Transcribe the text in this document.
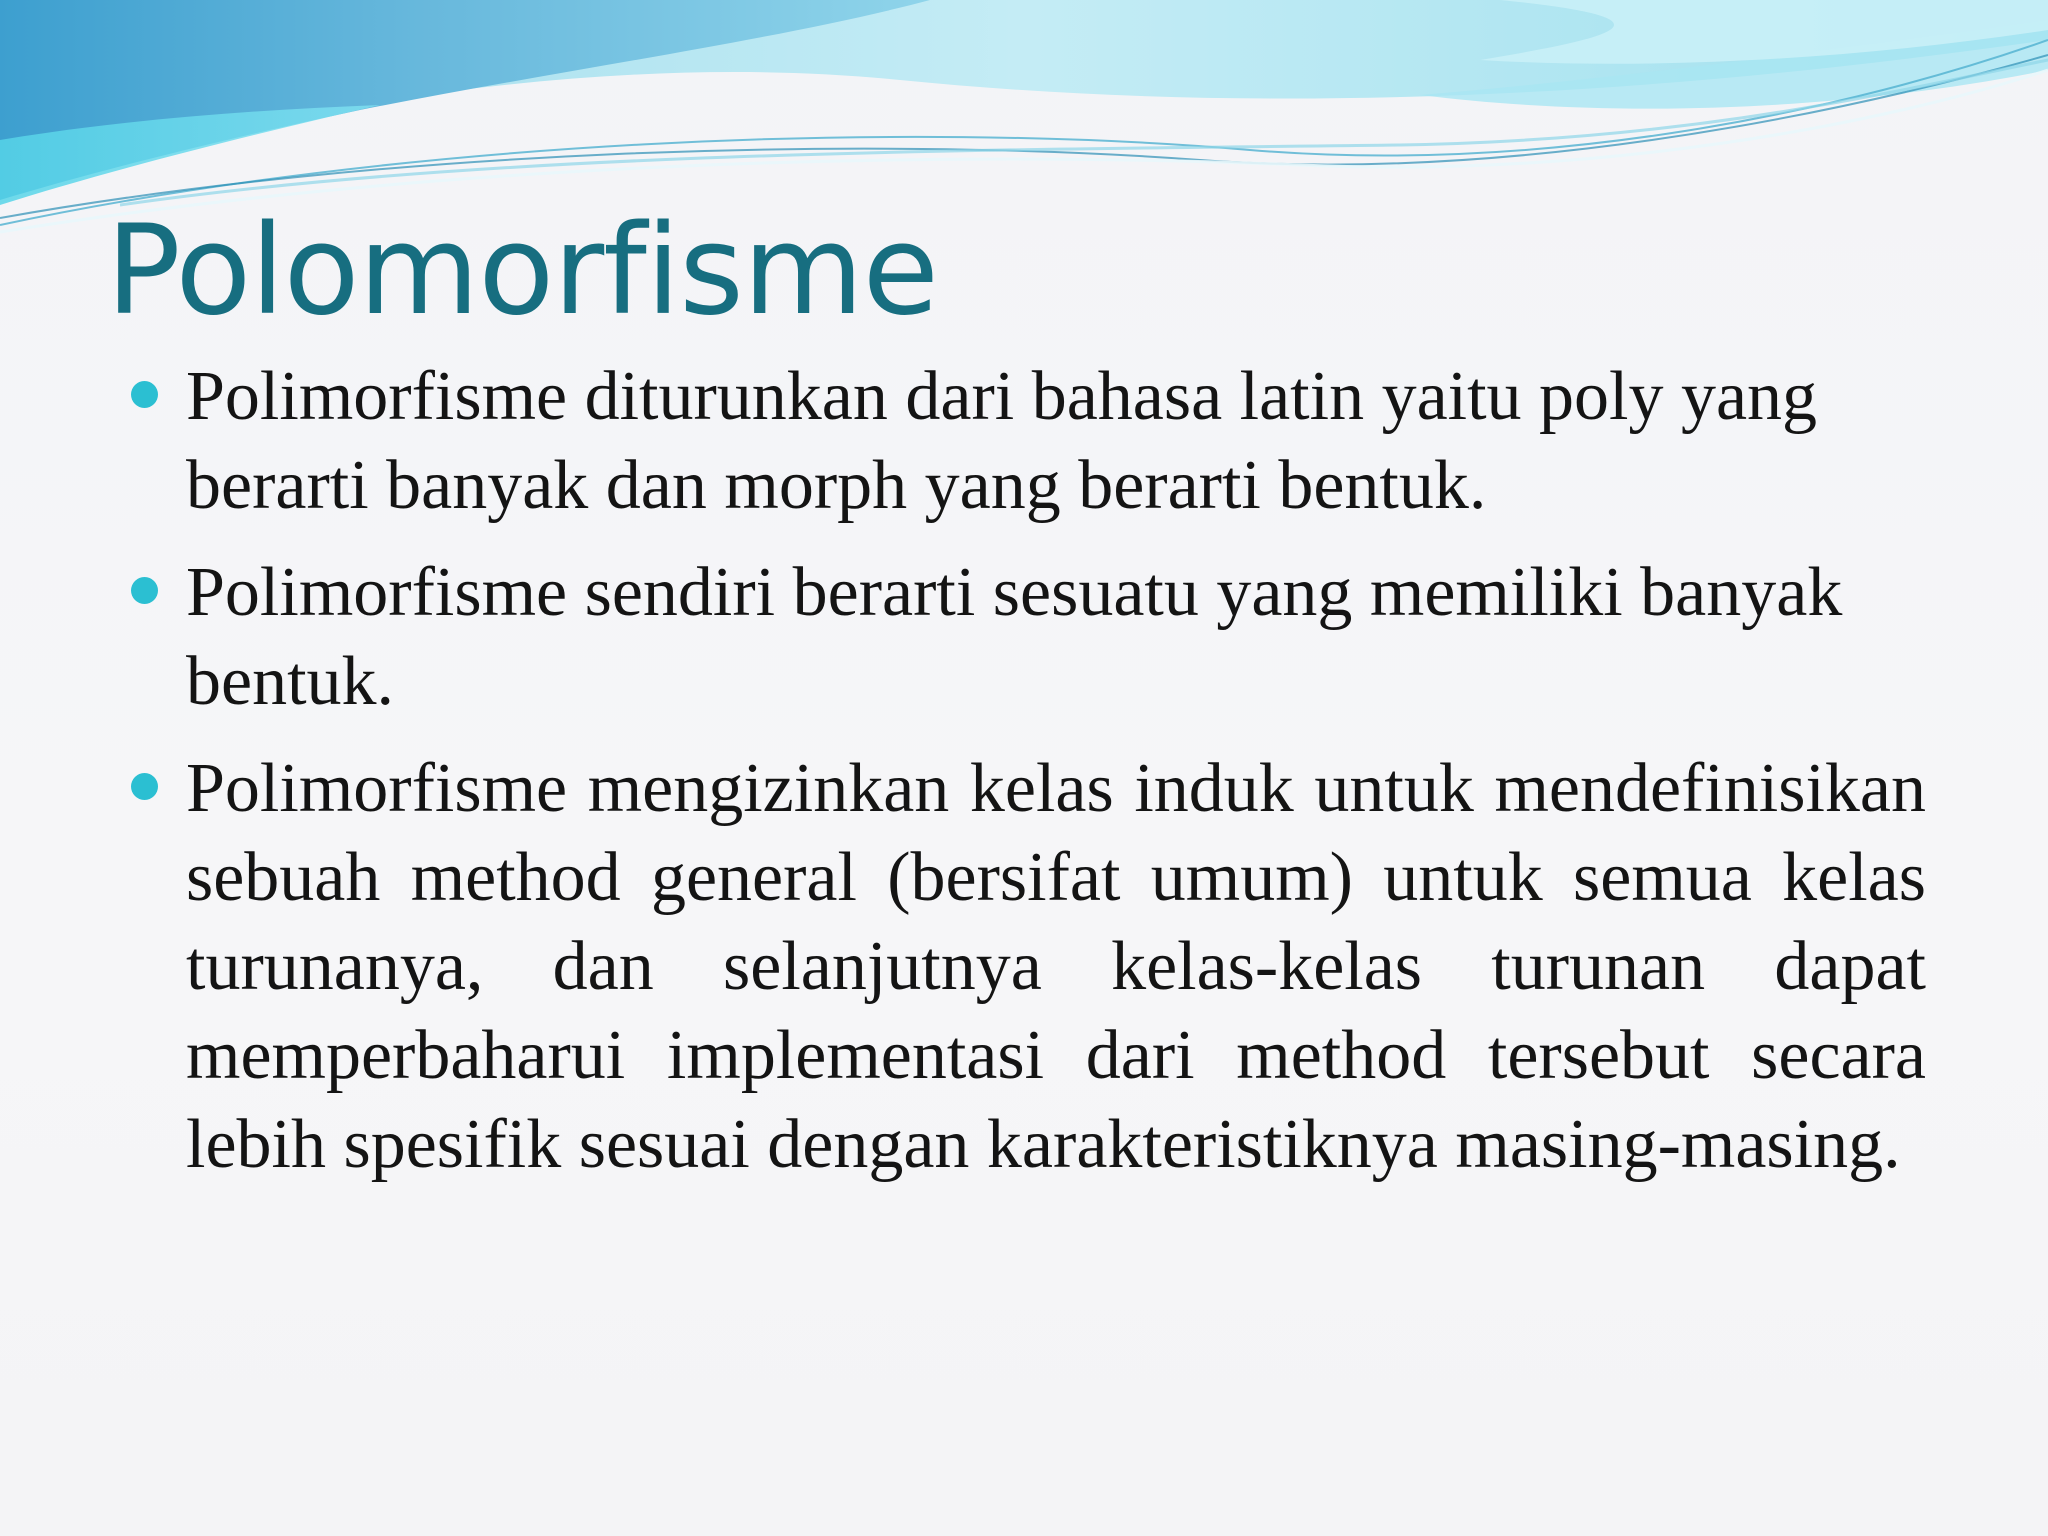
Polomorfisme
Polimorfisme diturunkan dari bahasa latin yaitu poly yang berarti banyak dan morph yang berarti bentuk.
Polimorfisme sendiri berarti sesuatu yang memiliki banyak bentuk.
Polimorfisme mengizinkan kelas induk untuk mendefinisikan sebuah method general (bersifat umum) untuk semua kelas turunanya, dan selanjutnya kelas-kelas turunan dapat memperbaharui implementasi dari method tersebut secara lebih spesifik sesuai dengan karakteristiknya masing-masing.
